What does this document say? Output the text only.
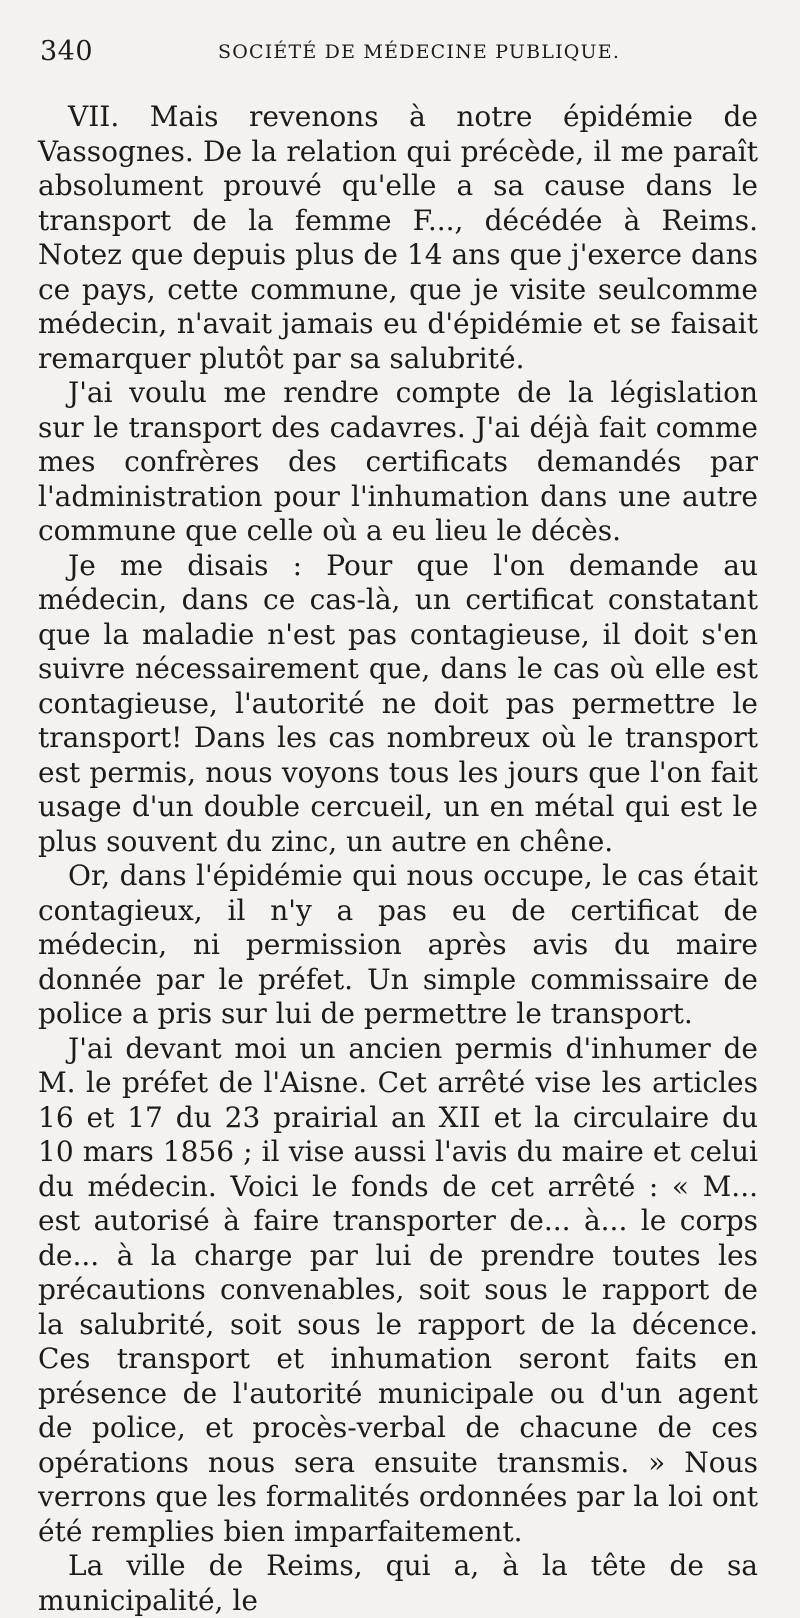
340	SOCIÉTÉ DE MÉDECINE PUBLIQUE.

VII. Mais revenons à notre épidémie de Vassognes. De la relation qui précède, il me paraît absolument prouvé qu'elle a sa cause dans le transport de la femme F..., décédée à Reims. Notez que depuis plus de 14 ans que j'exerce dans ce pays, cette commune, que je visite seulcomme médecin, n'avait jamais eu d'épidémie et se faisait remarquer plutôt par sa salubrité.

J'ai voulu me rendre compte de la législation sur le transport des cadavres. J'ai déjà fait comme mes confrères des certificats demandés par l'administration pour l'inhumation dans une autre commune que celle où a eu lieu le décès.

Je me disais : Pour que l'on demande au médecin, dans ce cas-là, un certificat constatant que la maladie n'est pas contagieuse, il doit s'en suivre nécessairement que, dans le cas où elle est contagieuse, l'autorité ne doit pas permettre le transport! Dans les cas nombreux où le transport est permis, nous voyons tous les jours que l'on fait usage d'un double cercueil, un en métal qui est le plus souvent du zinc, un autre en chêne.

Or, dans l'épidémie qui nous occupe, le cas était contagieux, il n'y a pas eu de certificat de médecin, ni permission après avis du maire donnée par le préfet. Un simple commissaire de police a pris sur lui de permettre le transport.

J'ai devant moi un ancien permis d'inhumer de M. le préfet de l'Aisne. Cet arrêté vise les articles 16 et 17 du 23 prairial an XII et la circulaire du 10 mars 1856 ; il vise aussi l'avis du maire et celui du médecin. Voici le fonds de cet arrêté : « M... est autorisé à faire transporter de... à... le corps de... à la charge par lui de prendre toutes les précautions convenables, soit sous le rapport de la salubrité, soit sous le rapport de la décence. Ces transport et inhumation seront faits en présence de l'autorité municipale ou d'un agent de police, et procès-verbal de chacune de ces opérations nous sera ensuite transmis. » Nous verrons que les formalités ordonnées par la loi ont été remplies bien imparfaitement.

La ville de Reims, qui a, à la tête de sa municipalité, le
